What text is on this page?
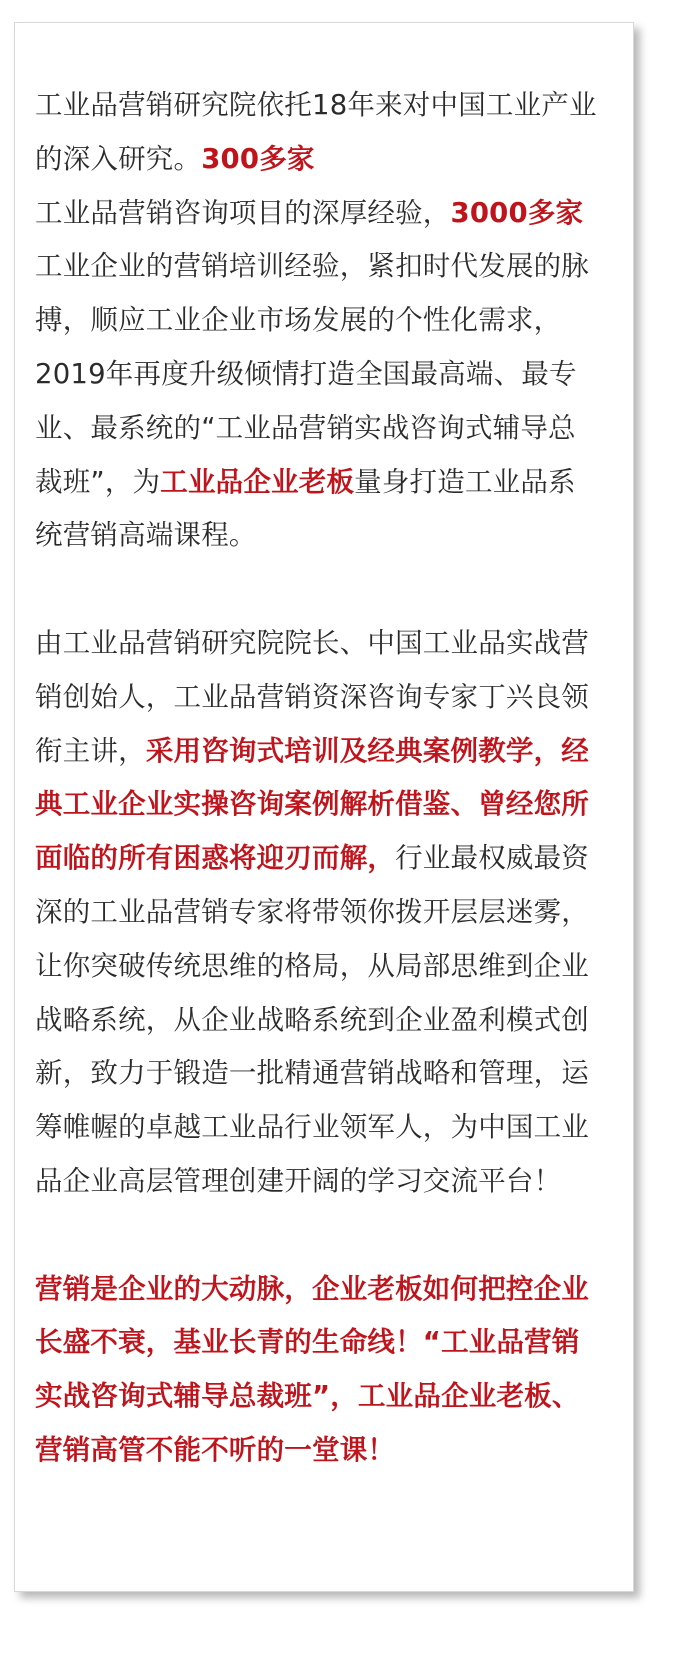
工业品营销研究院依托18年来对中国工业产业
的深入研究。300多家
工业品营销咨询项目的深厚经验，3000多家
工业企业的营销培训经验，紧扣时代发展的脉
搏，顺应工业企业市场发展的个性化需求，
2019年再度升级倾情打造全国最高端、最专
业、最系统的“工业品营销实战咨询式辅导总
裁班”，为工业品企业老板量身打造工业品系
统营销高端课程。

由工业品营销研究院院长、中国工业品实战营
销创始人，工业品营销资深咨询专家丁兴良领
衔主讲，采用咨询式培训及经典案例教学，经
典工业企业实操咨询案例解析借鉴、曾经您所
面临的所有困惑将迎刃而解，行业最权威最资
深的工业品营销专家将带领你拨开层层迷雾，
让你突破传统思维的格局，从局部思维到企业
战略系统，从企业战略系统到企业盈利模式创
新，致力于锻造一批精通营销战略和管理，运
筹帷幄的卓越工业品行业领军人，为中国工业
品企业高层管理创建开阔的学习交流平台！

营销是企业的大动脉，企业老板如何把控企业
长盛不衰，基业长青的生命线！“工业品营销
实战咨询式辅导总裁班”，工业品企业老板、
营销高管不能不听的一堂课！
